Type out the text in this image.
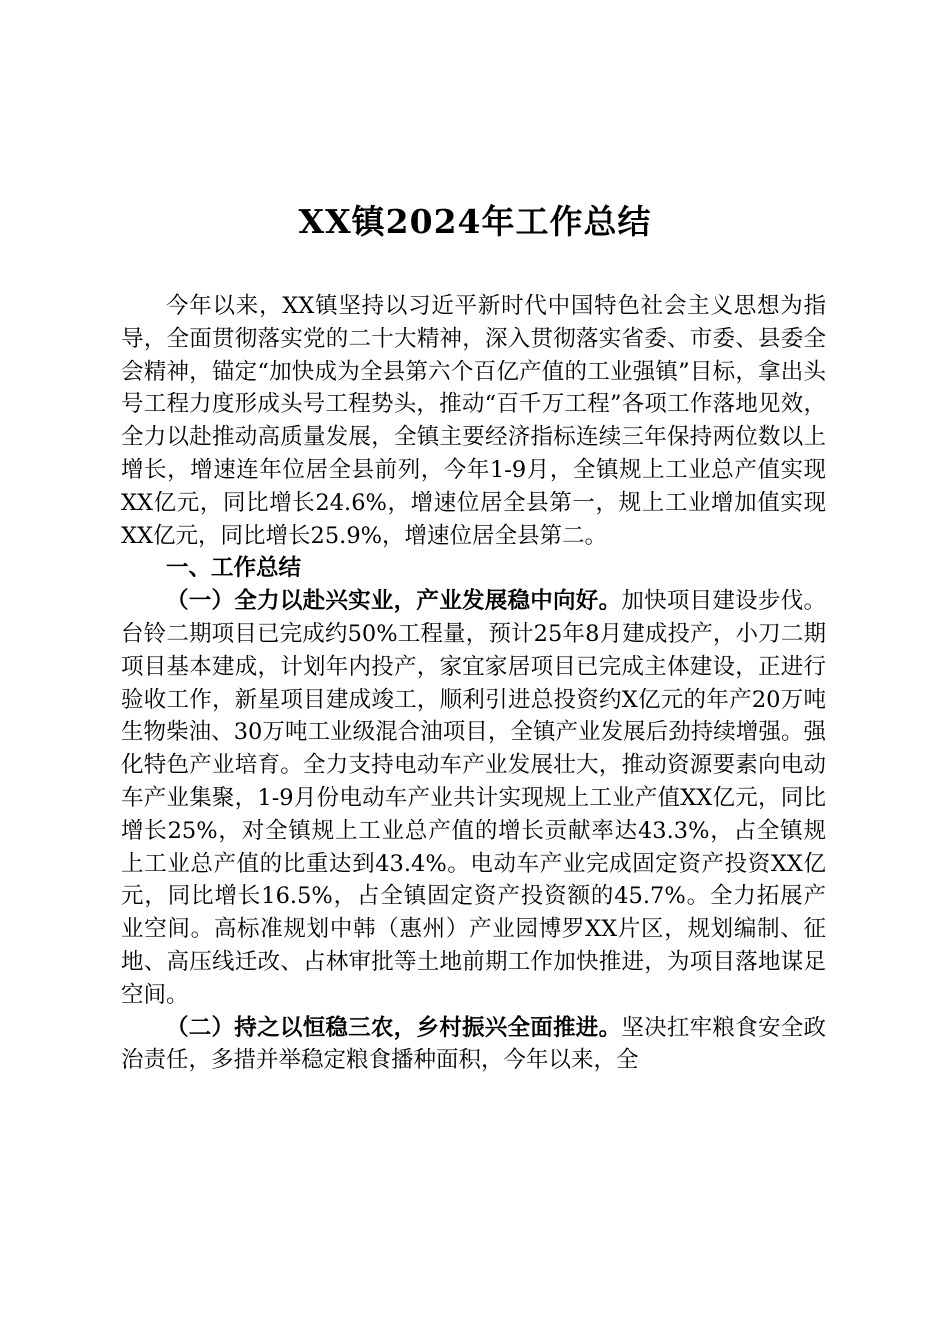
XX镇2024年工作总结

今年以来，XX镇坚持以习近平新时代中国特色社会主义思想为指导，全面贯彻落实党的二十大精神，深入贯彻落实省委、市委、县委全会精神，锚定“加快成为全县第六个百亿产值的工业强镇”目标，拿出头号工程力度形成头号工程势头，推动“百千万工程”各项工作落地见效，全力以赴推动高质量发展，全镇主要经济指标连续三年保持两位数以上增长，增速连年位居全县前列，今年1-9月，全镇规上工业总产值实现XX亿元，同比增长24.6%，增速位居全县第一，规上工业增加值实现XX亿元，同比增长25.9%，增速位居全县第二。

一、工作总结

（一）全力以赴兴实业，产业发展稳中向好。加快项目建设步伐。台铃二期项目已完成约50%工程量，预计25年8月建成投产，小刀二期项目基本建成，计划年内投产，家宜家居项目已完成主体建设，正进行验收工作，新星项目建成竣工，顺利引进总投资约X亿元的年产20万吨生物柴油、30万吨工业级混合油项目，全镇产业发展后劲持续增强。强化特色产业培育。全力支持电动车产业发展壮大，推动资源要素向电动车产业集聚，1-9月份电动车产业共计实现规上工业产值XX亿元，同比增长25%，对全镇规上工业总产值的增长贡献率达43.3%，占全镇规上工业总产值的比重达到43.4%。电动车产业完成固定资产投资XX亿元，同比增长16.5%，占全镇固定资产投资额的45.7%。全力拓展产业空间。高标准规划中韩（惠州）产业园博罗XX片区，规划编制、征地、高压线迁改、占林审批等土地前期工作加快推进，为项目落地谋足空间。

（二）持之以恒稳三农，乡村振兴全面推进。坚决扛牢粮食安全政治责任，多措并举稳定粮食播种面积，今年以来，全
